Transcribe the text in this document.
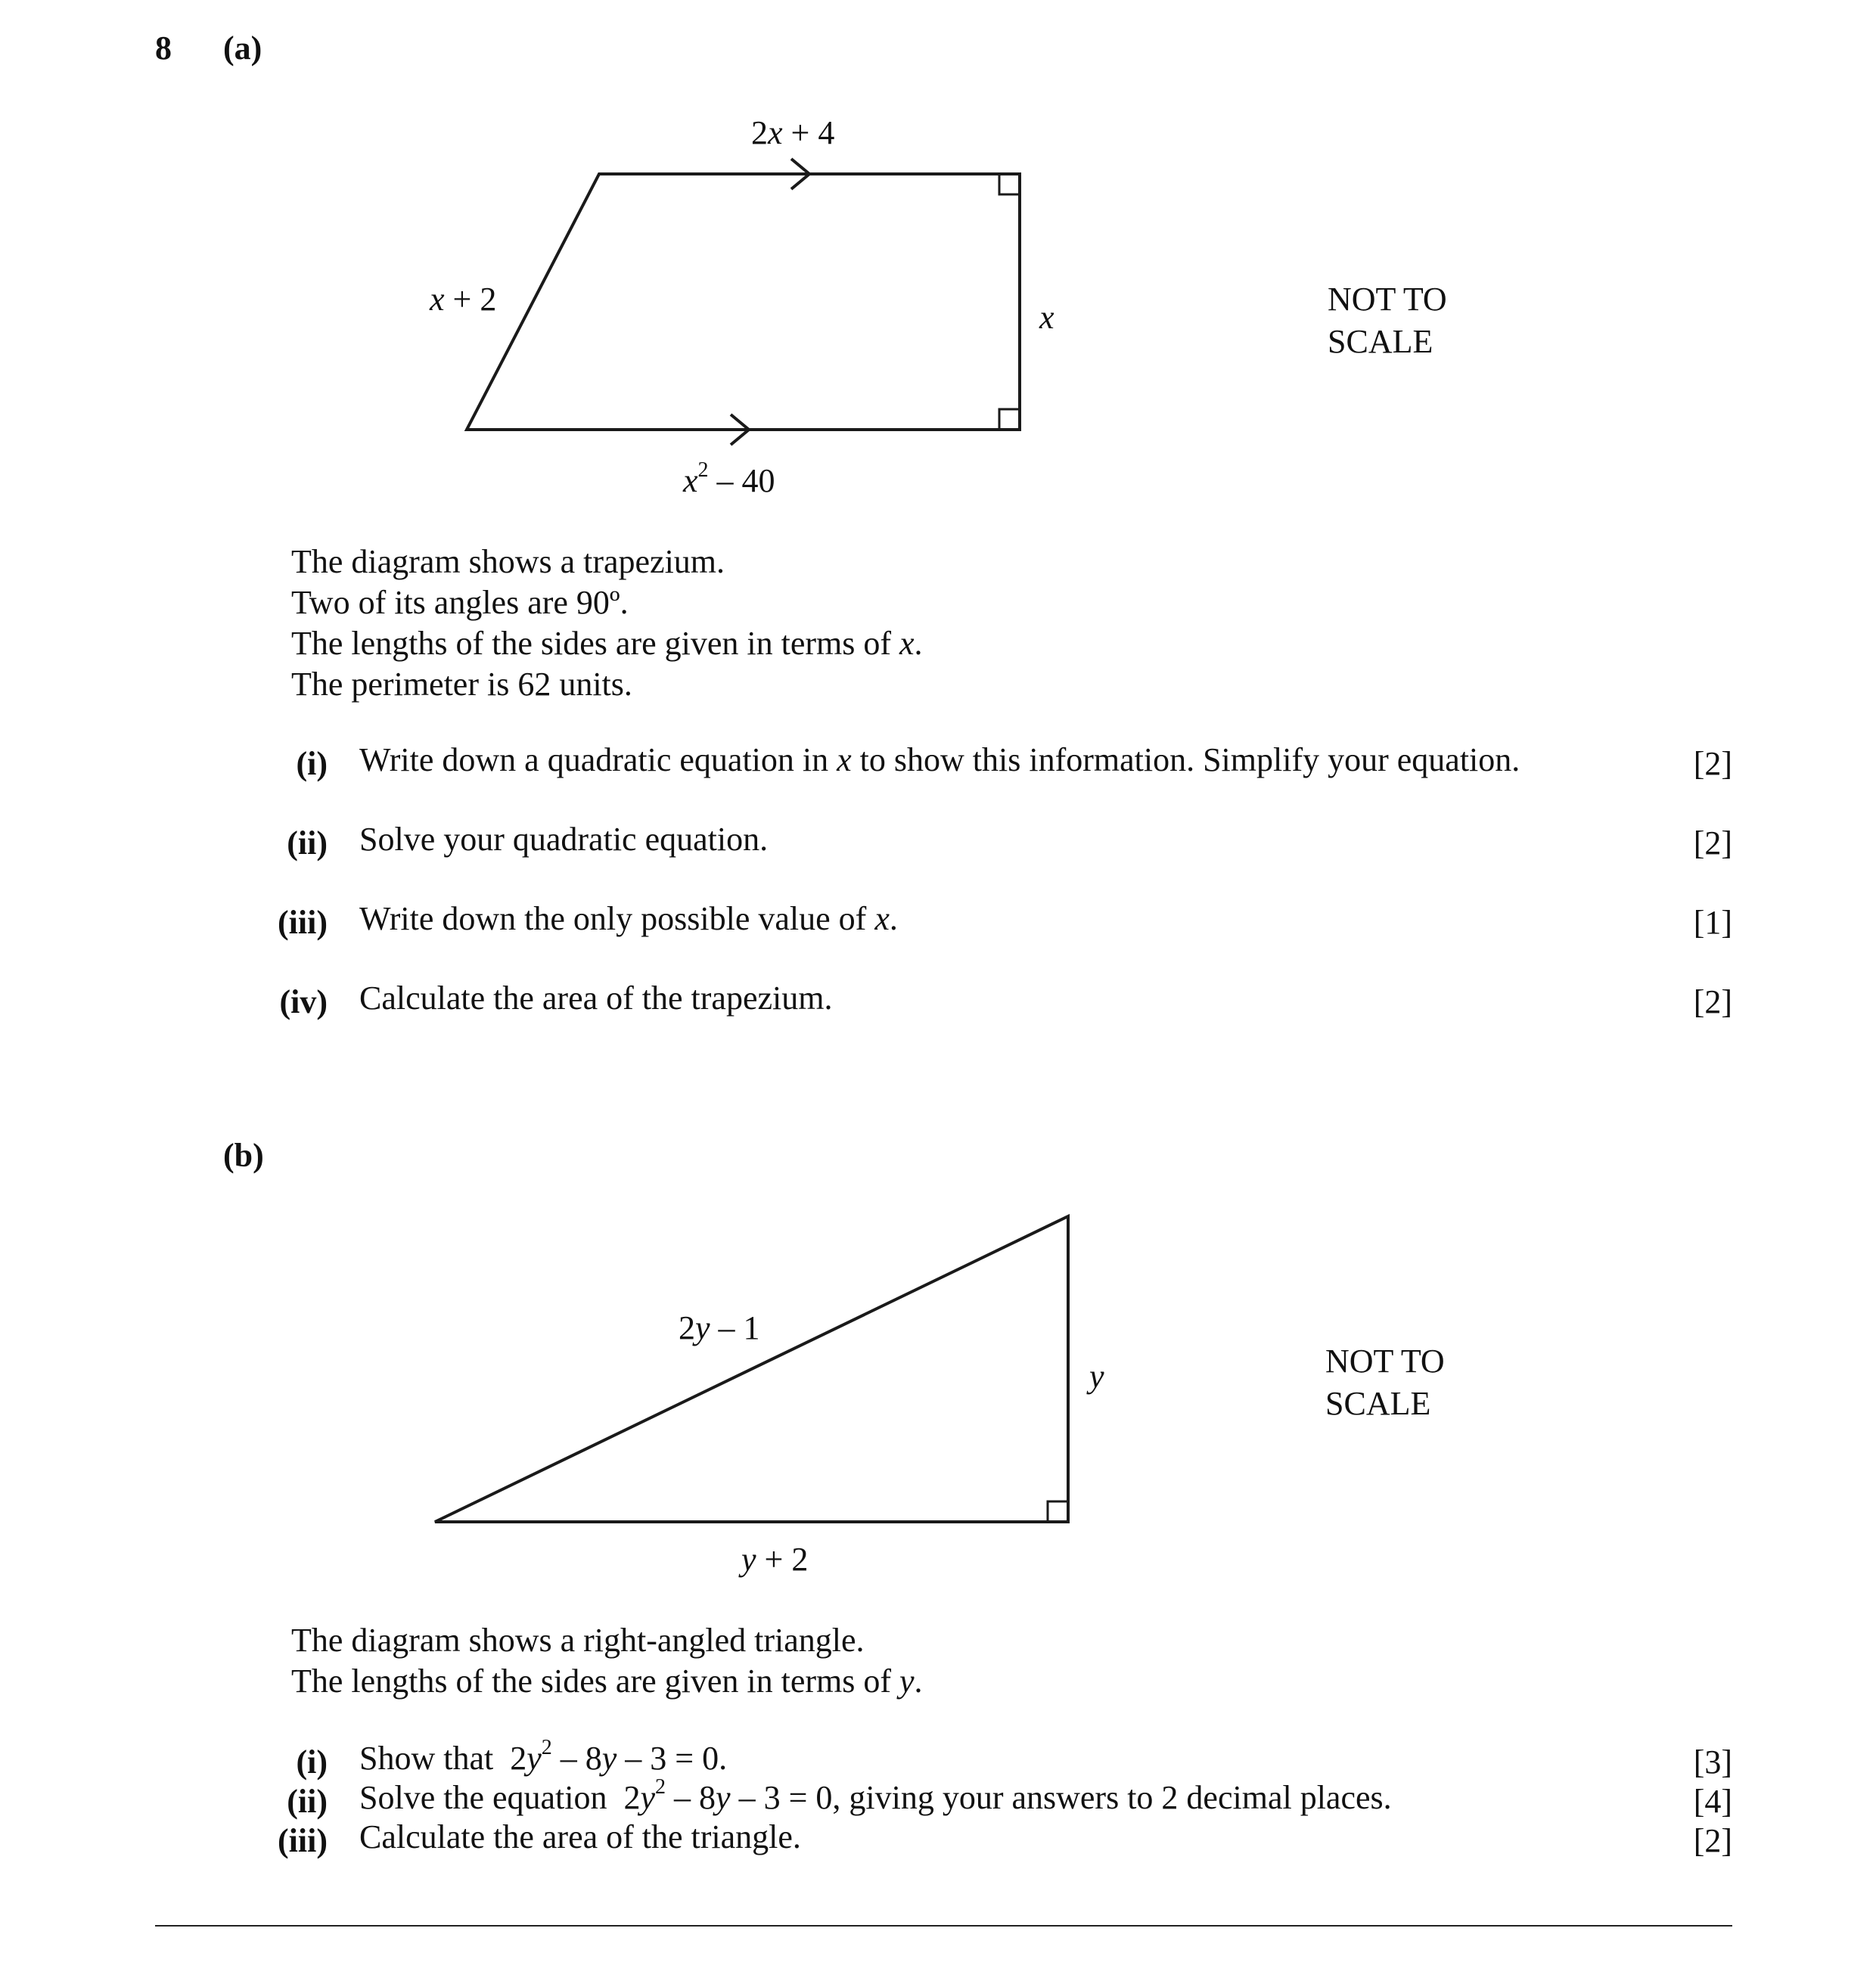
8 (a)
2x + 4
x + 2	x
$x^2 - 40$
NOT TO
SCALE

The diagram shows a trapezium.

Two of its angles are 90º.

The lengths of the sides are given in terms of x.

The perimeter is 62 units.

(i) Write down a quadratic equation in x to show this information. Simplify your equation.	[2]
(ii) Solve your quadratic equation.	[2]
(iii) Write down the only possible value of x.	[1]
(iv) Calculate the area of the trapezium.	[2]
(b)
2y – 1
y
y + 2
NOT TO
SCALE

The diagram shows a right-angled triangle.

The lengths of the sides are given in terms of y.

(i) Show that  $2y^2 - 8y - 3 = 0$.	[3]
(ii) Solve the equation  $2y^2 - 8y - 3 = 0$, giving your answers to 2 decimal places.	[4]
(iii) Calculate the area of the triangle.	[2]
